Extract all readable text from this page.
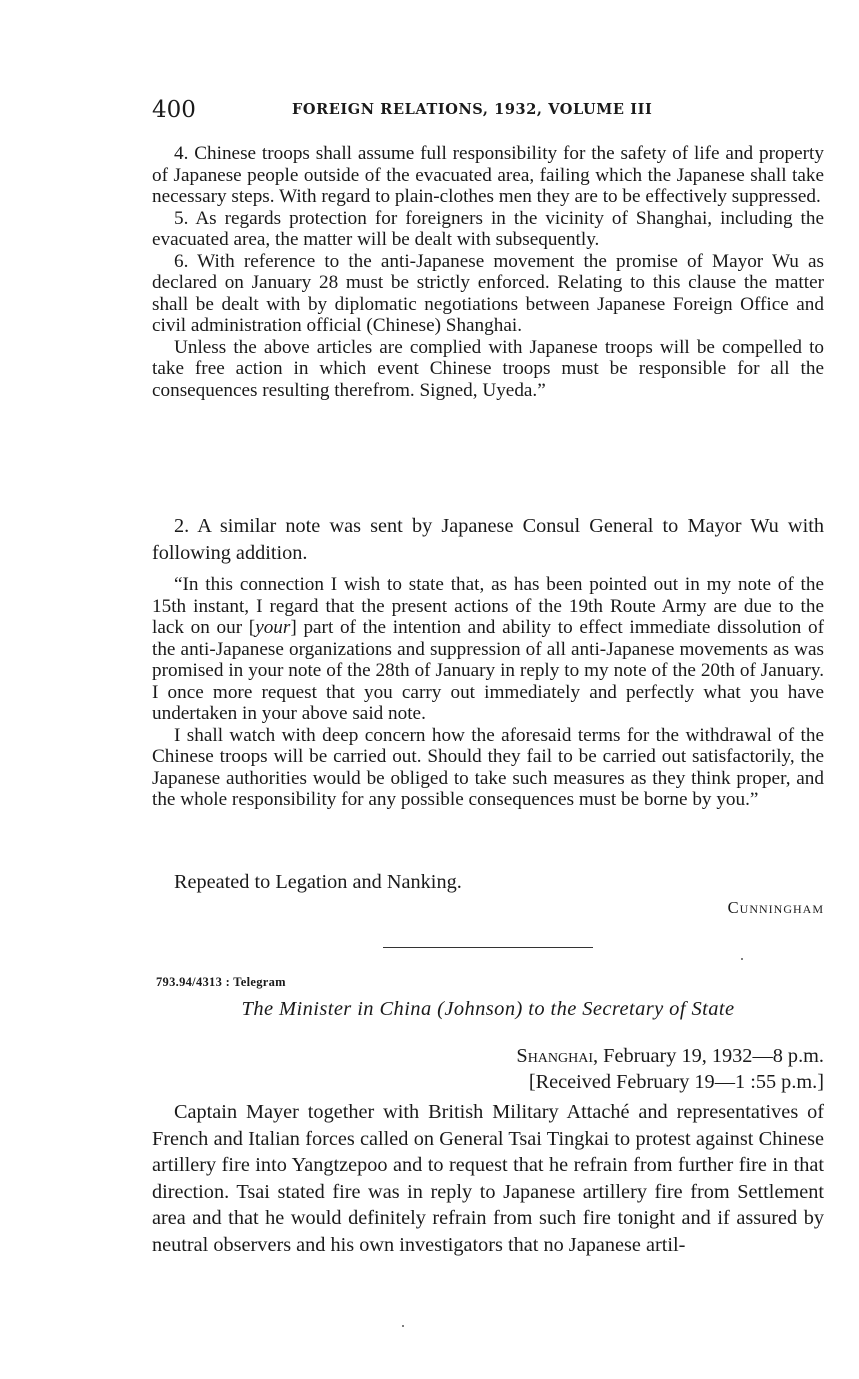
400	FOREIGN RELATIONS, 1932, VOLUME III

4. Chinese troops shall assume full responsibility for the safety of life and property of Japanese people outside of the evacuated area, failing which the Japanese shall take necessary steps. With regard to plain-clothes men they are to be effectively suppressed.

5. As regards protection for foreigners in the vicinity of Shanghai, including the evacuated area, the matter will be dealt with subsequently.

6. With reference to the anti-Japanese movement the promise of Mayor Wu as declared on January 28 must be strictly enforced. Relating to this clause the matter shall be dealt with by diplomatic negotiations between Japanese Foreign Office and civil administration official (Chinese) Shanghai.

Unless the above articles are complied with Japanese troops will be compelled to take free action in which event Chinese troops must be responsible for all the consequences resulting therefrom. Signed, Uyeda.”

2. A similar note was sent by Japanese Consul General to Mayor Wu with following addition.

“In this connection I wish to state that, as has been pointed out in my note of the 15th instant, I regard that the present actions of the 19th Route Army are due to the lack on our [your] part of the intention and ability to effect immediate dissolution of the anti-Japanese organizations and suppression of all anti-Japanese movements as was promised in your note of the 28th of January in reply to my note of the 20th of January. I once more request that you carry out immediately and perfectly what you have undertaken in your above said note.

I shall watch with deep concern how the aforesaid terms for the withdrawal of the Chinese troops will be carried out. Should they fail to be carried out satisfactorily, the Japanese authorities would be obliged to take such measures as they think proper, and the whole responsibility for any possible consequences must be borne by you.”

Repeated to Legation and Nanking.

Cunningham
793.94/4313 : Telegram
The Minister in China (Johnson) to the Secretary of State
Shanghai, February 19, 1932—8 p.m.
[Received February 19—1 :55 p.m.]

Captain Mayer together with British Military Attaché and representatives of French and Italian forces called on General Tsai Tingkai to protest against Chinese artillery fire into Yangtzepoo and to request that he refrain from further fire in that direction. Tsai stated fire was in reply to Japanese artillery fire from Settlement area and that he would definitely refrain from such fire tonight and if assured by neutral observers and his own investigators that no Japanese artil-
